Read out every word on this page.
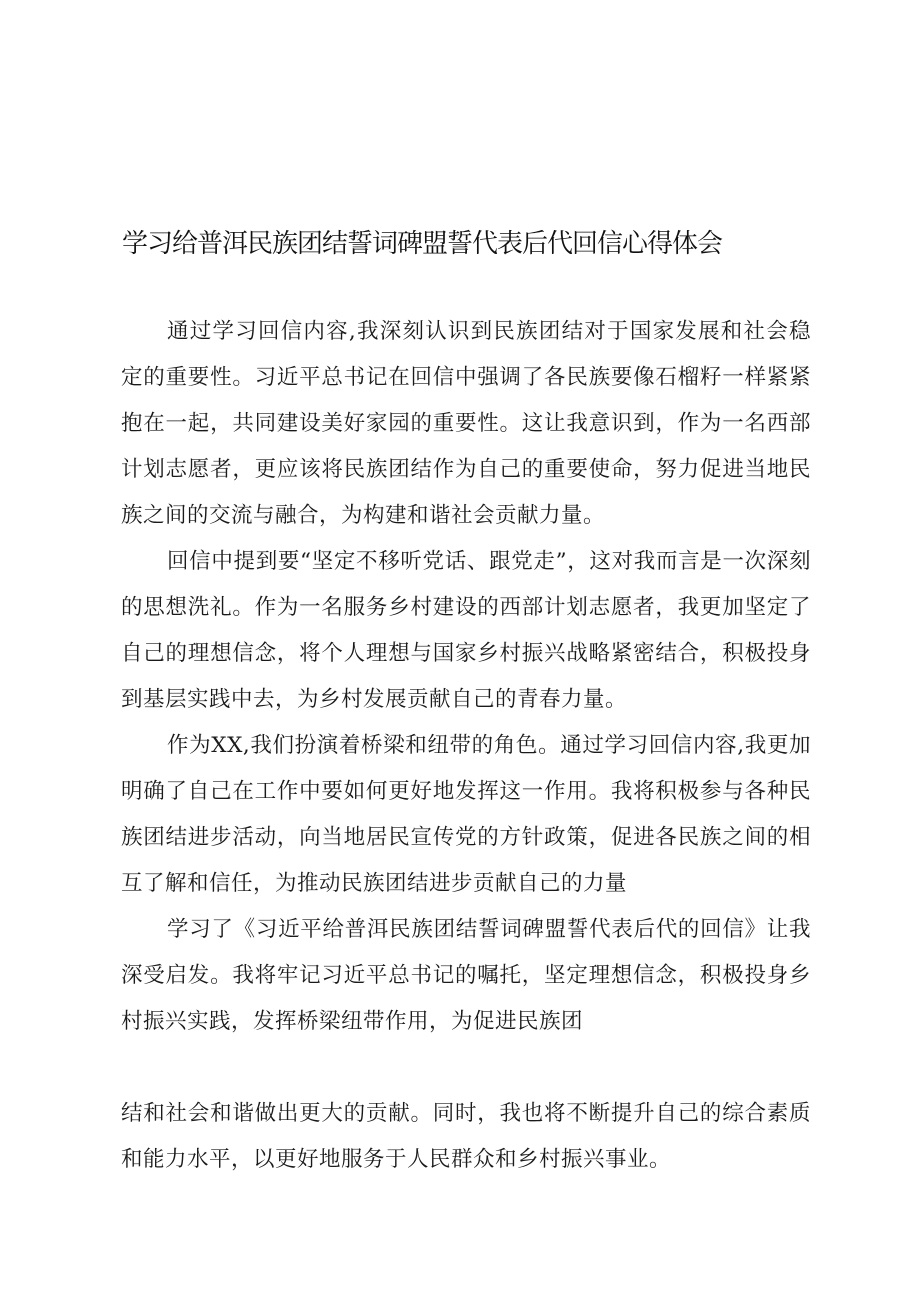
学习给普洱民族团结誓词碑盟誓代表后代回信心得体会

通过学习回信内容,我深刻认识到民族团结对于国家发展和社会稳定的重要性。习近平总书记在回信中强调了各民族要像石榴籽一样紧紧抱在一起，共同建设美好家园的重要性。这让我意识到，作为一名西部计划志愿者，更应该将民族团结作为自己的重要使命，努力促进当地民族之间的交流与融合，为构建和谐社会贡献力量。

回信中提到要“坚定不移听党话、跟党走”，这对我而言是一次深刻的思想洗礼。作为一名服务乡村建设的西部计划志愿者，我更加坚定了自己的理想信念，将个人理想与国家乡村振兴战略紧密结合，积极投身到基层实践中去，为乡村发展贡献自己的青春力量。

作为XX,我们扮演着桥梁和纽带的角色。通过学习回信内容,我更加明确了自己在工作中要如何更好地发挥这一作用。我将积极参与各种民族团结进步活动，向当地居民宣传党的方针政策，促进各民族之间的相互了解和信任，为推动民族团结进步贡献自己的力量

学习了《习近平给普洱民族团结誓词碑盟誓代表后代的回信》让我深受启发。我将牢记习近平总书记的嘱托，坚定理想信念，积极投身乡村振兴实践，发挥桥梁纽带作用，为促进民族团

结和社会和谐做出更大的贡献。同时，我也将不断提升自己的综合素质和能力水平，以更好地服务于人民群众和乡村振兴事业。
